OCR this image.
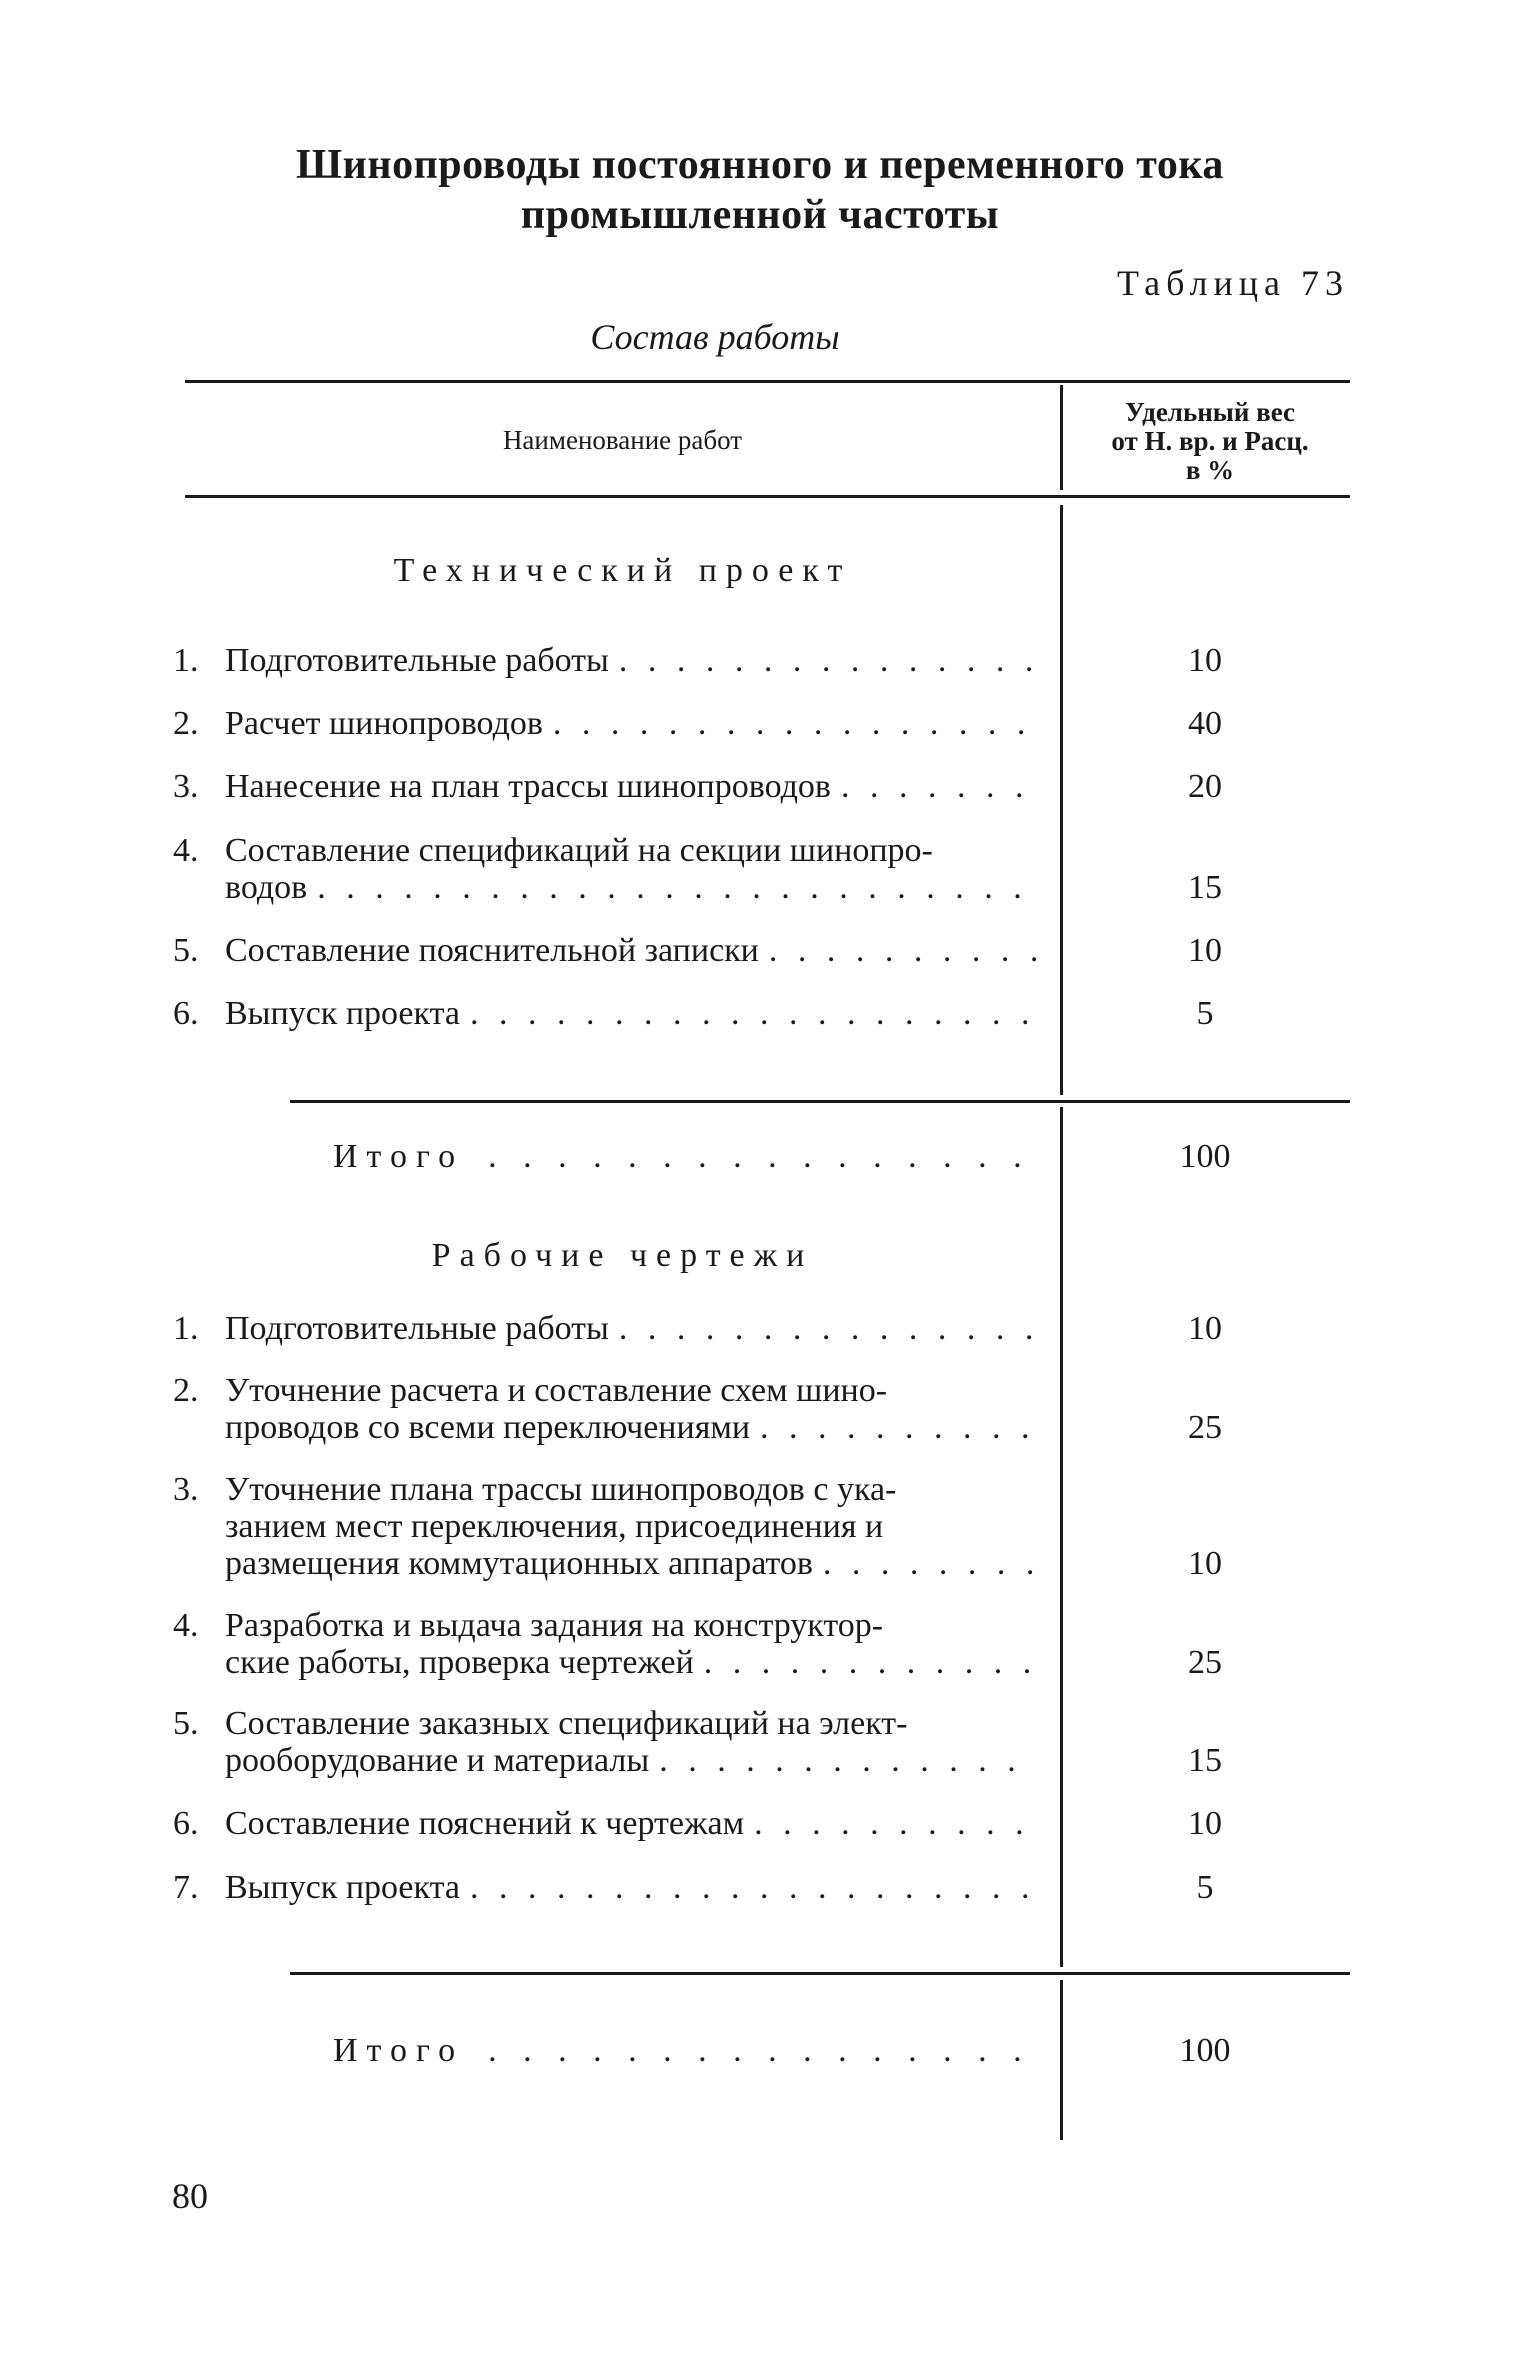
Шинопроводы постоянного и переменного тока
промышленной частоты
Таблица 73
Состав работы
Наименование работ
Удельный вес
от Н. вр. и Расц.
в %
Технический проект
1. Подготовительные работы . . .	10
2. Расчет шинопроводов . . .	40
3. Нанесение на план трассы шинопроводов . . .	20
4. Составление спецификаций на секции шинопро-
водов . . .	15
5. Составление пояснительной записки . . .	10
6. Выпуск проекта . . .	5
Итого . . .	100
Рабочие чертежи
1. Подготовительные работы . . .	10
2. Уточнение расчета и составление схем шино-
проводов со всеми переключениями . . .	25
3. Уточнение плана трассы шинопроводов с ука-
занием мест переключения, присоединения и
размещения коммутационных аппаратов . . .	10
4. Разработка и выдача задания на конструктор-
ские работы, проверка чертежей . . .	25
5. Составление заказных спецификаций на элект-
рооборудование и материалы . . .	15
6. Составление пояснений к чертежам . . .	10
7. Выпуск проекта . . .	5
Итого . . .	100
80
